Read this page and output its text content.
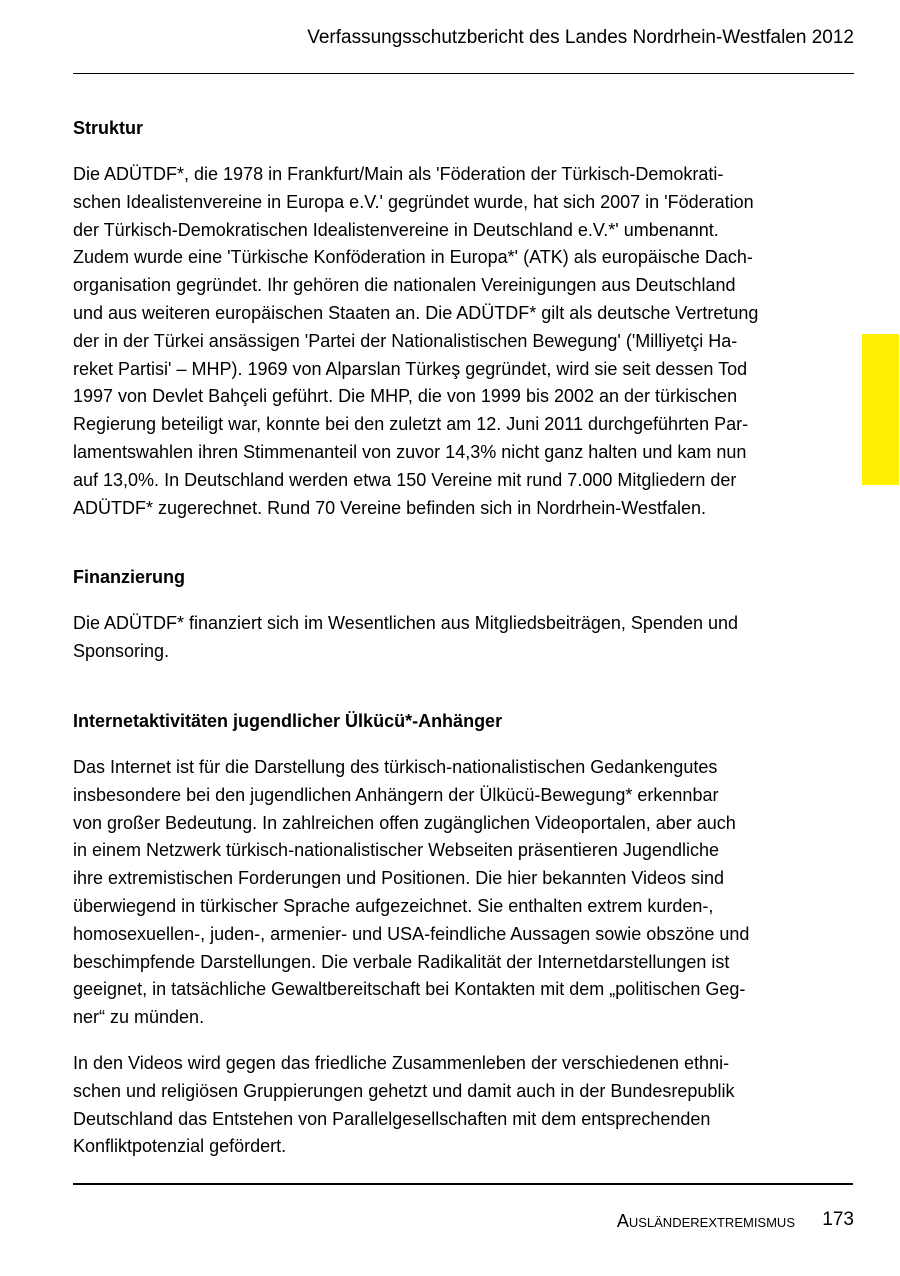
Verfassungsschutzbericht des Landes Nordrhein-Westfalen 2012
Struktur

Die ADÜTDF*, die 1978 in Frankfurt/Main als 'Föderation der Türkisch-Demokrati-
schen Idealistenvereine in Europa e.V.' gegründet wurde, hat sich 2007 in 'Föderation
der Türkisch-Demokratischen Idealistenvereine in Deutschland e.V.*' umbenannt.
Zudem wurde eine 'Türkische Konföderation in Europa*' (ATK) als europäische Dach-
organisation gegründet. Ihr gehören die nationalen Vereinigungen aus Deutschland
und aus weiteren europäischen Staaten an. Die ADÜTDF* gilt als deutsche Vertretung
der in der Türkei ansässigen 'Partei der Nationalistischen Bewegung' ('Milliyetçi Ha-
reket Partisi' – MHP). 1969 von Alparslan Türkeş gegründet, wird sie seit dessen Tod
1997 von Devlet Bahçeli geführt. Die MHP, die von 1999 bis 2002 an der türkischen
Regierung beteiligt war, konnte bei den zuletzt am 12. Juni 2011 durchgeführten Par-
lamentswahlen ihren Stimmenanteil von zuvor 14,3% nicht ganz halten und kam nun
auf 13,0%. In Deutschland werden etwa 150 Vereine mit rund 7.000 Mitgliedern der
ADÜTDF* zugerechnet. Rund 70 Vereine befinden sich in Nordrhein-Westfalen.

Finanzierung

Die ADÜTDF* finanziert sich im Wesentlichen aus Mitgliedsbeiträgen, Spenden und
Sponsoring.

Internetaktivitäten jugendlicher Ülkücü*-Anhänger

Das Internet ist für die Darstellung des türkisch-nationalistischen Gedankengutes
insbesondere bei den jugendlichen Anhängern der Ülkücü-Bewegung* erkennbar
von großer Bedeutung. In zahlreichen offen zugänglichen Videoportalen, aber auch
in einem Netzwerk türkisch-nationalistischer Webseiten präsentieren Jugendliche
ihre extremistischen Forderungen und Positionen. Die hier bekannten Videos sind
überwiegend in türkischer Sprache aufgezeichnet. Sie enthalten extrem kurden-,
homosexuellen-, juden-, armenier- und USA-feindliche Aussagen sowie obszöne und
beschimpfende Darstellungen. Die verbale Radikalität der Internetdarstellungen ist
geeignet, in tatsächliche Gewaltbereitschaft bei Kontakten mit dem „politischen Geg-
ner“ zu münden.

In den Videos wird gegen das friedliche Zusammenleben der verschiedenen ethni-
schen und religiösen Gruppierungen gehetzt und damit auch in der Bundesrepublik
Deutschland das Entstehen von Parallelgesellschaften mit dem entsprechenden
Konfliktpotenzial gefördert.

Ausländerextremismus 173
